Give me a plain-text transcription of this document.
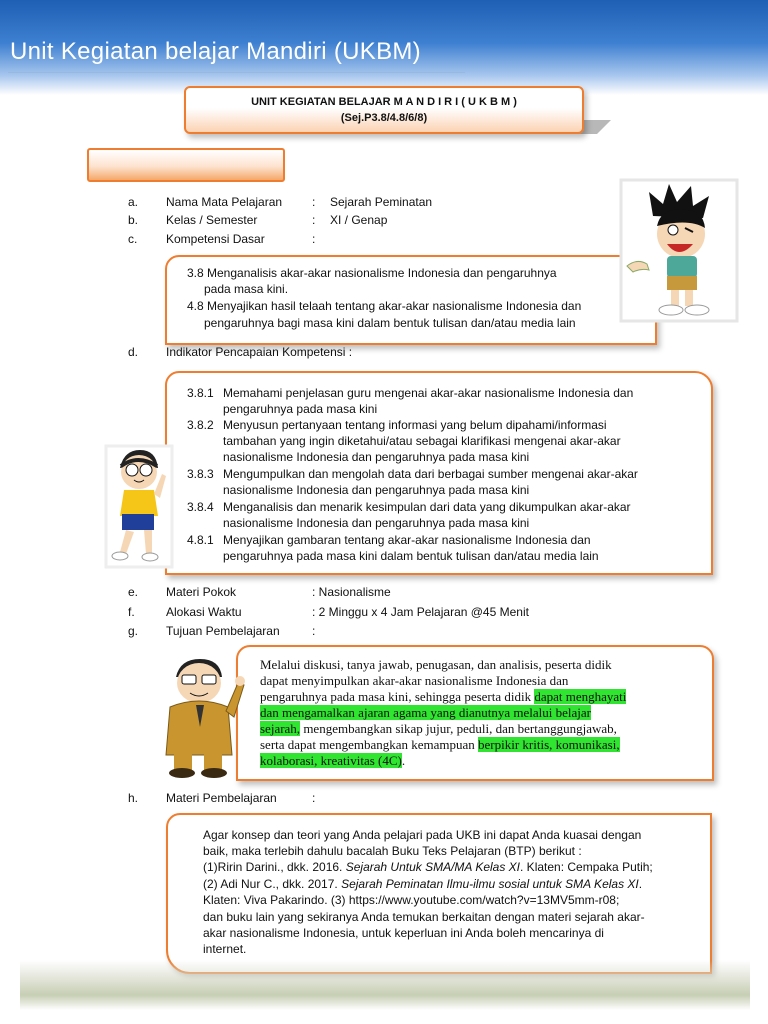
Unit Kegiatan belajar Mandiri (UKBM)
UNIT KEGIATAN BELAJAR M A N D I R I ( U K B M )
(Sej.P3.8/4.8/6/8)
a. Nama Mata Pelajaran : Sejarah Peminatan
b. Kelas / Semester	: XI / Genap
c. Kompetensi Dasar	:
3.8 Menganalisis akar-akar nasionalisme Indonesia dan pengaruhnya
pada masa kini.
4.8 Menyajikan hasil telaah tentang akar-akar nasionalisme Indonesia dan
pengaruhnya bagi masa kini dalam bentuk tulisan dan/atau media lain
d. Indikator Pencapaian Kompetensi :
3.8.1 Memahami penjelasan guru mengenai akar-akar nasionalisme Indonesia dan
pengaruhnya pada masa kini
3.8.2 Menyusun pertanyaan tentang informasi yang belum dipahami/informasi
tambahan yang ingin diketahui/atau sebagai klarifikasi mengenai akar-akar
nasionalisme Indonesia dan pengaruhnya pada masa kini
3.8.3 Mengumpulkan dan mengolah data dari berbagai sumber mengenai akar-akar
nasionalisme Indonesia dan pengaruhnya pada masa kini
3.8.4 Menganalisis dan menarik kesimpulan dari data yang dikumpulkan akar-akar
nasionalisme Indonesia dan pengaruhnya pada masa kini
4.8.1 Menyajikan gambaran tentang akar-akar nasionalisme Indonesia dan
pengaruhnya pada masa kini dalam bentuk tulisan dan/atau media lain
e. Materi Pokok	: Nasionalisme
f.	Alokasi Waktu	: 2 Minggu x 4 Jam Pelajaran @45 Menit
g. Tujuan Pembelajaran	:
Melalui diskusi, tanya jawab, penugasan, dan analisis, peserta didik
dapat menyimpulkan akar-akar nasionalisme Indonesia dan
pengaruhnya pada masa kini, sehingga peserta didik dapat menghayati
dan mengamalkan ajaran agama yang dianutnya melalui belajar
sejarah, mengembangkan sikap jujur, peduli, dan bertanggungjawab,
serta dapat mengembangkan kemampuan berpikir kritis, komunikasi,
kolaborasi, kreativitas (4C).
h. Materi Pembelajaran	:
Agar konsep dan teori yang Anda pelajari pada UKB ini dapat Anda kuasai dengan
baik, maka terlebih dahulu bacalah Buku Teks Pelajaran (BTP) berikut :
(1)Ririn Darini., dkk. 2016. Sejarah Untuk SMA/MA Kelas XI. Klaten: Cempaka Putih;
(2) Adi Nur C., dkk. 2017. Sejarah Peminatan Ilmu-ilmu sosial untuk SMA Kelas XI.
Klaten: Viva Pakarindo. (3) https://www.youtube.com/watch?v=13MV5mm-r08;
dan buku lain yang sekiranya Anda temukan berkaitan dengan materi sejarah akar-
akar nasionalisme Indonesia, untuk keperluan ini Anda boleh mencarinya di
internet.
